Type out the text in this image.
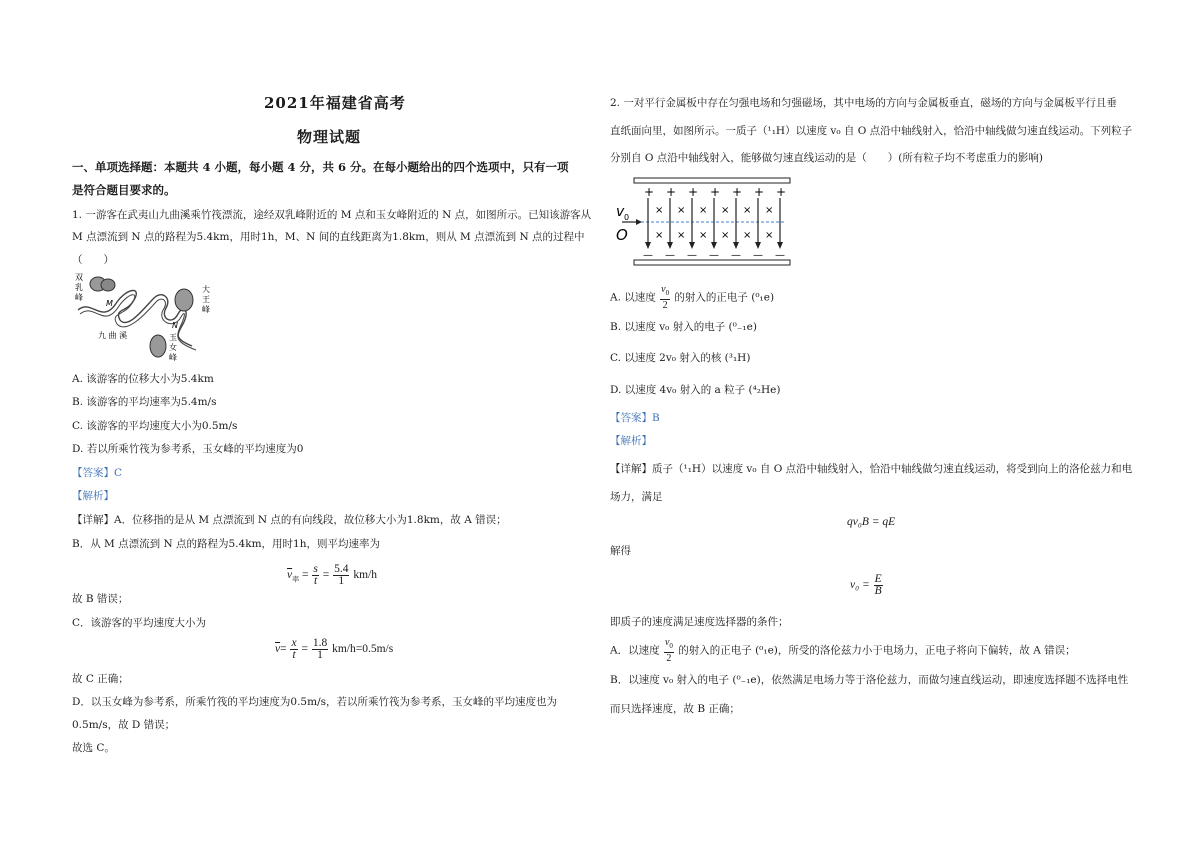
2021年福建省高考
物理试题
一、单项选择题：本题共 4 小题，每小题 4 分，共 6 分。在每小题给出的四个选项中，只有一项
是符合题目要求的。
1. 一游客在武夷山九曲溪乘竹筏漂流，途经双乳峰附近的 M 点和玉女峰附近的 N 点，如图所示。已知该游客从
M 点漂流到 N 点的路程为5.4km，用时1h，M、N 间的直线距离为1.8km，则从 M 点漂流到 N 点的过程中
（　　）
双
乳
峰
大
王
峰
玉
女
峰
九 曲 溪
M
N
A. 该游客的位移大小为5.4km
B. 该游客的平均速率为5.4m/s
C. 该游客的平均速度大小为0.5m/s
D. 若以所乘竹筏为参考系，玉女峰的平均速度为0
【答案】C
【解析】
【详解】A．位移指的是从 M 点漂流到 N 点的有向线段，故位移大小为1.8km，故 A 错误；
B．从 M 点漂流到 N 点的路程为5.4km，用时1h，则平均速率为
$\overline{v}_率 = \frac{s}{t} = \frac{5.4}{1} km/h$
故 B 错误；
C．该游客的平均速度大小为
$\overline{v}= \frac{x}{t} = \frac{1.8}{1} km/h=0.5m/s$
故 C 正确；
D．以玉女峰为参考系，所乘竹筏的平均速度为0.5m/s，若以所乘竹筏为参考系，玉女峰的平均速度也为
0.5m/s，故 D 错误；
故选 C。
2. 一对平行金属板中存在匀强电场和匀强磁场，其中电场的方向与金属板垂直，磁场的方向与金属板平行且垂
直纸面向里，如图所示。一质子（¹₁H）以速度 v₀ 自 O 点沿中轴线射入，恰沿中轴线做匀速直线运动。下列粒子
分别自 O 点沿中轴线射入，能够做匀速直线运动的是（　　）(所有粒子均不考虑重力的影响)
+
—
×
×
+
—
×
×
+
—
×
×
+
—
×
×
+
—
×
×
+
—
×
×
+
—
v 0
O
A. 以速度 $\frac{v_0}{2}$ 的射入的正电子 (⁰₁e)
B. 以速度 v₀ 射入的电子 (⁰₋₁e)
C. 以速度 2v₀ 射入的核 (³₁H)
D. 以速度 4v₀ 射入的 a 粒子 (⁴₂He)
【答案】B
【解析】
【详解】质子（¹₁H）以速度 v₀ 自 O 点沿中轴线射入，恰沿中轴线做匀速直线运动，将受到向上的洛伦兹力和电
场力，满足
qv₀B = qE
解得
$v_0 = \frac{E}{B}$
即质子的速度满足速度选择器的条件；
A．以速度 $\frac{v_0}{2}$ 的射入的正电子 (⁰₁e)，所受的洛伦兹力小于电场力，正电子将向下偏转，故 A 错误；
B．以速度 v₀ 射入的电子 (⁰₋₁e)，依然满足电场力等于洛伦兹力，而做匀速直线运动，即速度选择题不选择电性
而只选择速度，故 B 正确；
